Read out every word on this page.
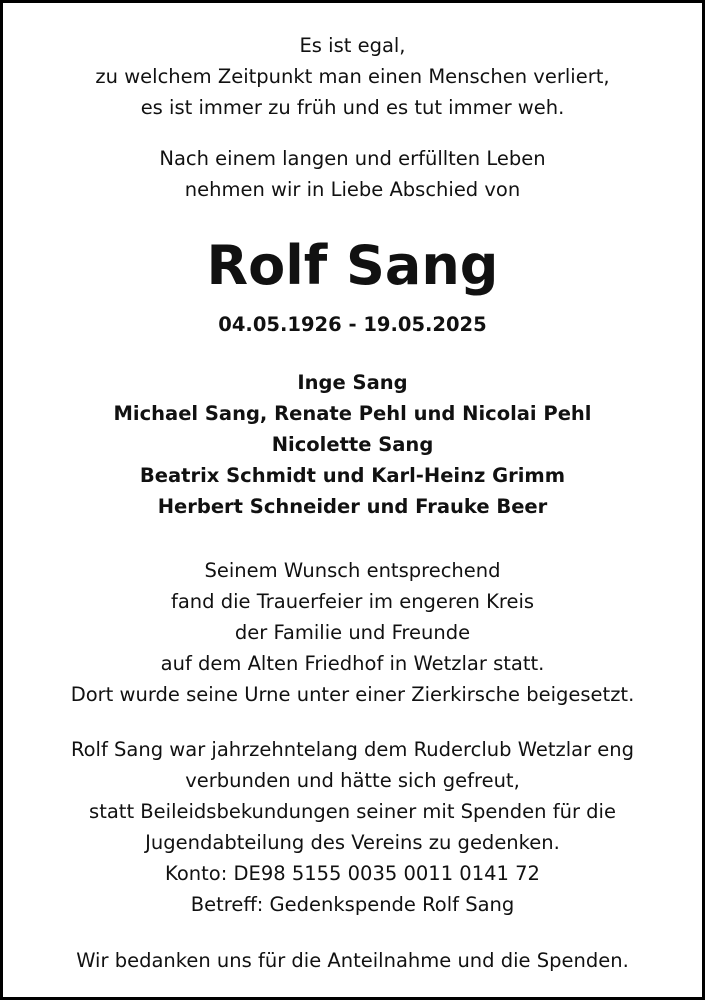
Es ist egal,
zu welchem Zeitpunkt man einen Menschen verliert,
es ist immer zu früh und es tut immer weh.
Nach einem langen und erfüllten Leben
nehmen wir in Liebe Abschied von
Rolf Sang
04.05.1926 - 19.05.2025
Inge Sang
Michael Sang, Renate Pehl und Nicolai Pehl
Nicolette Sang
Beatrix Schmidt und Karl-Heinz Grimm
Herbert Schneider und Frauke Beer
Seinem Wunsch entsprechend
fand die Trauerfeier im engeren Kreis
der Familie und Freunde
auf dem Alten Friedhof in Wetzlar statt.
Dort wurde seine Urne unter einer Zierkirsche beigesetzt.
Rolf Sang war jahrzehntelang dem Ruderclub Wetzlar eng
verbunden und hätte sich gefreut,
statt Beileidsbekundungen seiner mit Spenden für die
Jugendabteilung des Vereins zu gedenken.
Konto: DE98 5155 0035 0011 0141 72
Betreff: Gedenkspende Rolf Sang
Wir bedanken uns für die Anteilnahme und die Spenden.
